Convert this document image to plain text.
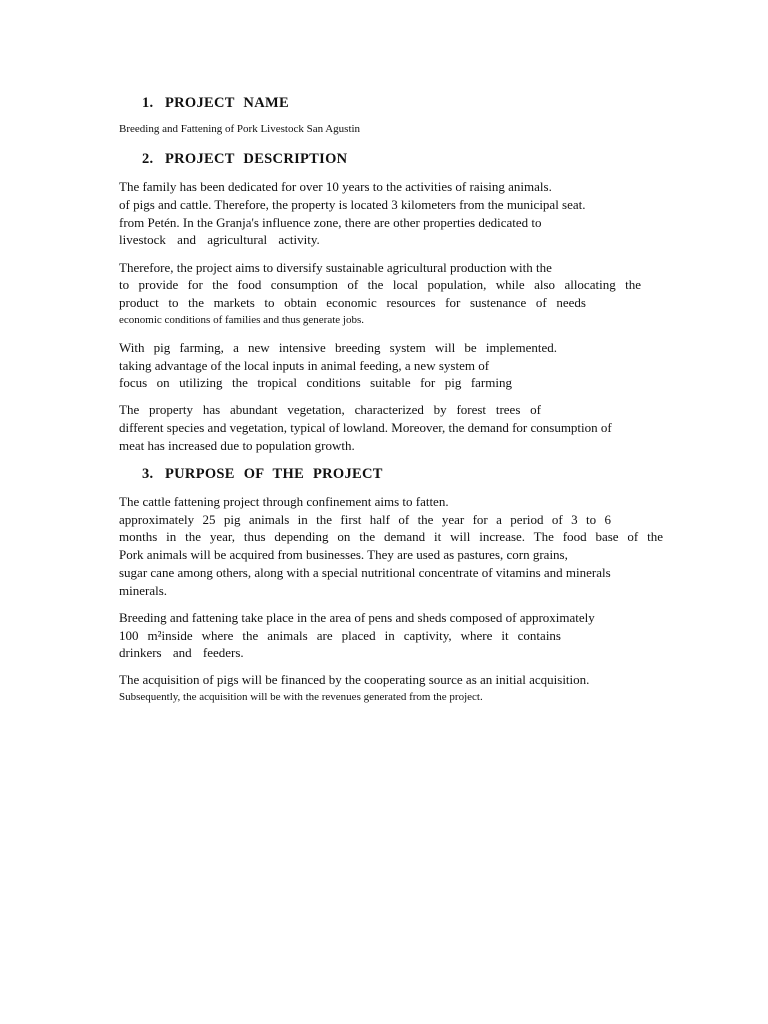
1. PROJECT NAME
Breeding and Fattening of Pork Livestock San Agustin
2. PROJECT DESCRIPTION
The family has been dedicated for over 10 years to the activities of raising animals.
of pigs and cattle. Therefore, the property is located 3 kilometers from the municipal seat.
from Petén. In the Granja's influence zone, there are other properties dedicated to
livestock and agricultural activity.
Therefore, the project aims to diversify sustainable agricultural production with the
to provide for the food consumption of the local population, while also allocating the
product to the markets to obtain economic resources for sustenance of needs
economic conditions of families and thus generate jobs.
With pig farming, a new intensive breeding system will be implemented.
taking advantage of the local inputs in animal feeding, a new system of
focus on utilizing the tropical conditions suitable for pig farming
The property has abundant vegetation, characterized by forest trees of
different species and vegetation, typical of lowland. Moreover, the demand for consumption of
meat has increased due to population growth.
3. PURPOSE OF THE PROJECT
The cattle fattening project through confinement aims to fatten.
approximately 25 pig animals in the first half of the year for a period of 3 to 6
months in the year, thus depending on the demand it will increase. The food base of the
Pork animals will be acquired from businesses. They are used as pastures, corn grains,
sugar cane among others, along with a special nutritional concentrate of vitamins and minerals
minerals.
Breeding and fattening take place in the area of pens and sheds composed of approximately
100 m²inside where the animals are placed in captivity, where it contains
drinkers and feeders.
The acquisition of pigs will be financed by the cooperating source as an initial acquisition.
Subsequently, the acquisition will be with the revenues generated from the project.
